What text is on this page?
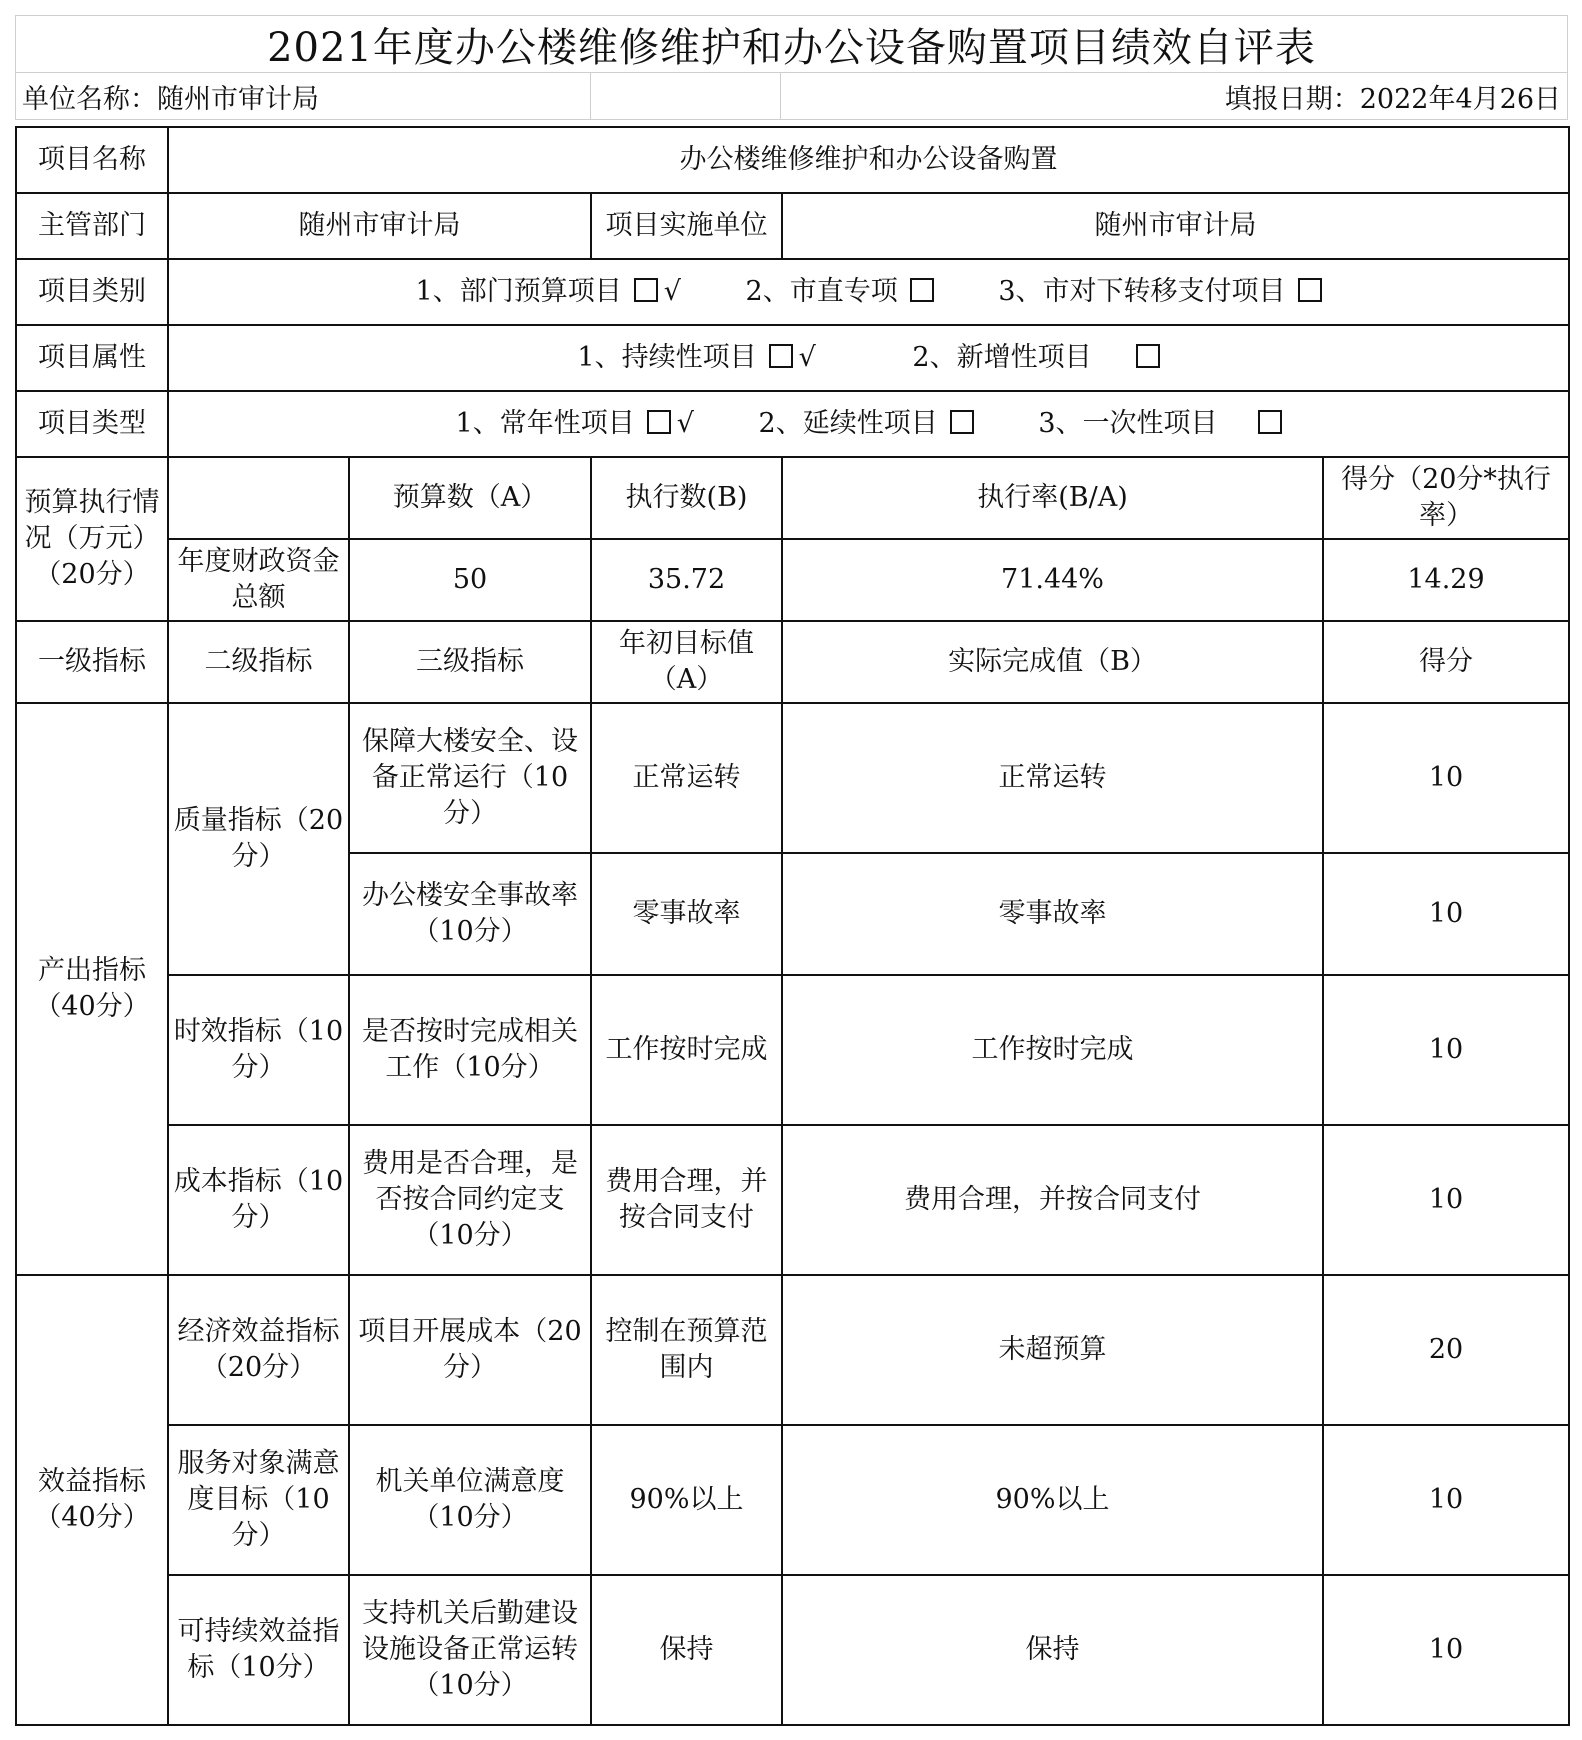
2021年度办公楼维修维护和办公设备购置项目绩效自评表
单位名称：随州市审计局	填报日期：2022年4月26日
项目名称	办公楼维修维护和办公设备购置				
主管部门	随州市审计局		项目实施单位	随州市审计局	
项目类别	1、部门预算项目 √ 2、市直专项 3、市对下转移支付项目				
项目属性	1、持续性项目 √ 2、新增性项目				
项目类型	1、常年性项目 √ 2、延续性项目 3、一次性项目				
预算执行情况（万元）（20分）		预算数（A）	执行数(B)	执行率(B/A)	得分（20分*执行率）
	年度财政资金总额	50	35.72	71.44%	14.29
一级指标	二级指标	三级指标	年初目标值（A）	实际完成值（B）	得分
产出指标（40分）	质量指标（20分）	保障大楼安全、设备正常运行（10分）	正常运转	正常运转	10
		办公楼安全事故率（10分）	零事故率	零事故率	10
	时效指标（10分）	是否按时完成相关工作（10分）	工作按时完成	工作按时完成	10
	成本指标（10分）	费用是否合理，是否按合同约定支（10分）	费用合理，并按合同支付	费用合理，并按合同支付	10
效益指标（40分）	经济效益指标（20分）	项目开展成本（20分）	控制在预算范围内	未超预算	20
	服务对象满意度目标（10分）	机关单位满意度（10分）	90%以上	90%以上	10
	可持续效益指标（10分）	支持机关后勤建设设施设备正常运转（10分）	保持	保持	10
